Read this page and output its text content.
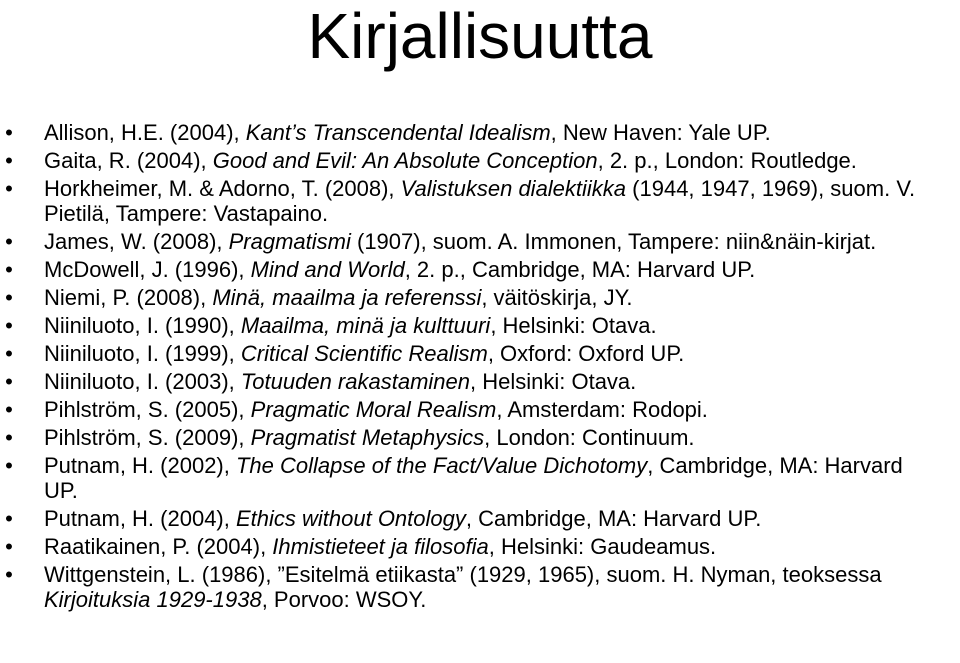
Kirjallisuutta
• Allison, H.E. (2004), Kant’s Transcendental Idealism, New Haven: Yale UP.
• Gaita, R. (2004), Good and Evil: An Absolute Conception, 2. p., London: Routledge.
• Horkheimer, M. & Adorno, T. (2008), Valistuksen dialektiikka (1944, 1947, 1969), suom. V. Pietilä, Tampere: Vastapaino.
• James, W. (2008), Pragmatismi (1907), suom. A. Immonen, Tampere: niin&näin-kirjat.
• McDowell, J. (1996), Mind and World, 2. p., Cambridge, MA: Harvard UP.
• Niemi, P. (2008), Minä, maailma ja referenssi, väitöskirja, JY.
• Niiniluoto, I. (1990), Maailma, minä ja kulttuuri, Helsinki: Otava.
• Niiniluoto, I. (1999), Critical Scientific Realism, Oxford: Oxford UP.
• Niiniluoto, I. (2003), Totuuden rakastaminen, Helsinki: Otava.
• Pihlström, S. (2005), Pragmatic Moral Realism, Amsterdam: Rodopi.
• Pihlström, S. (2009), Pragmatist Metaphysics, London: Continuum.
• Putnam, H. (2002), The Collapse of the Fact/Value Dichotomy, Cambridge, MA: Harvard UP.
• Putnam, H. (2004), Ethics without Ontology, Cambridge, MA: Harvard UP.
• Raatikainen, P. (2004), Ihmistieteet ja filosofia, Helsinki: Gaudeamus.
• Wittgenstein, L. (1986), ”Esitelmä etiikasta” (1929, 1965), suom. H. Nyman, teoksessa Kirjoituksia 1929-1938, Porvoo: WSOY.
